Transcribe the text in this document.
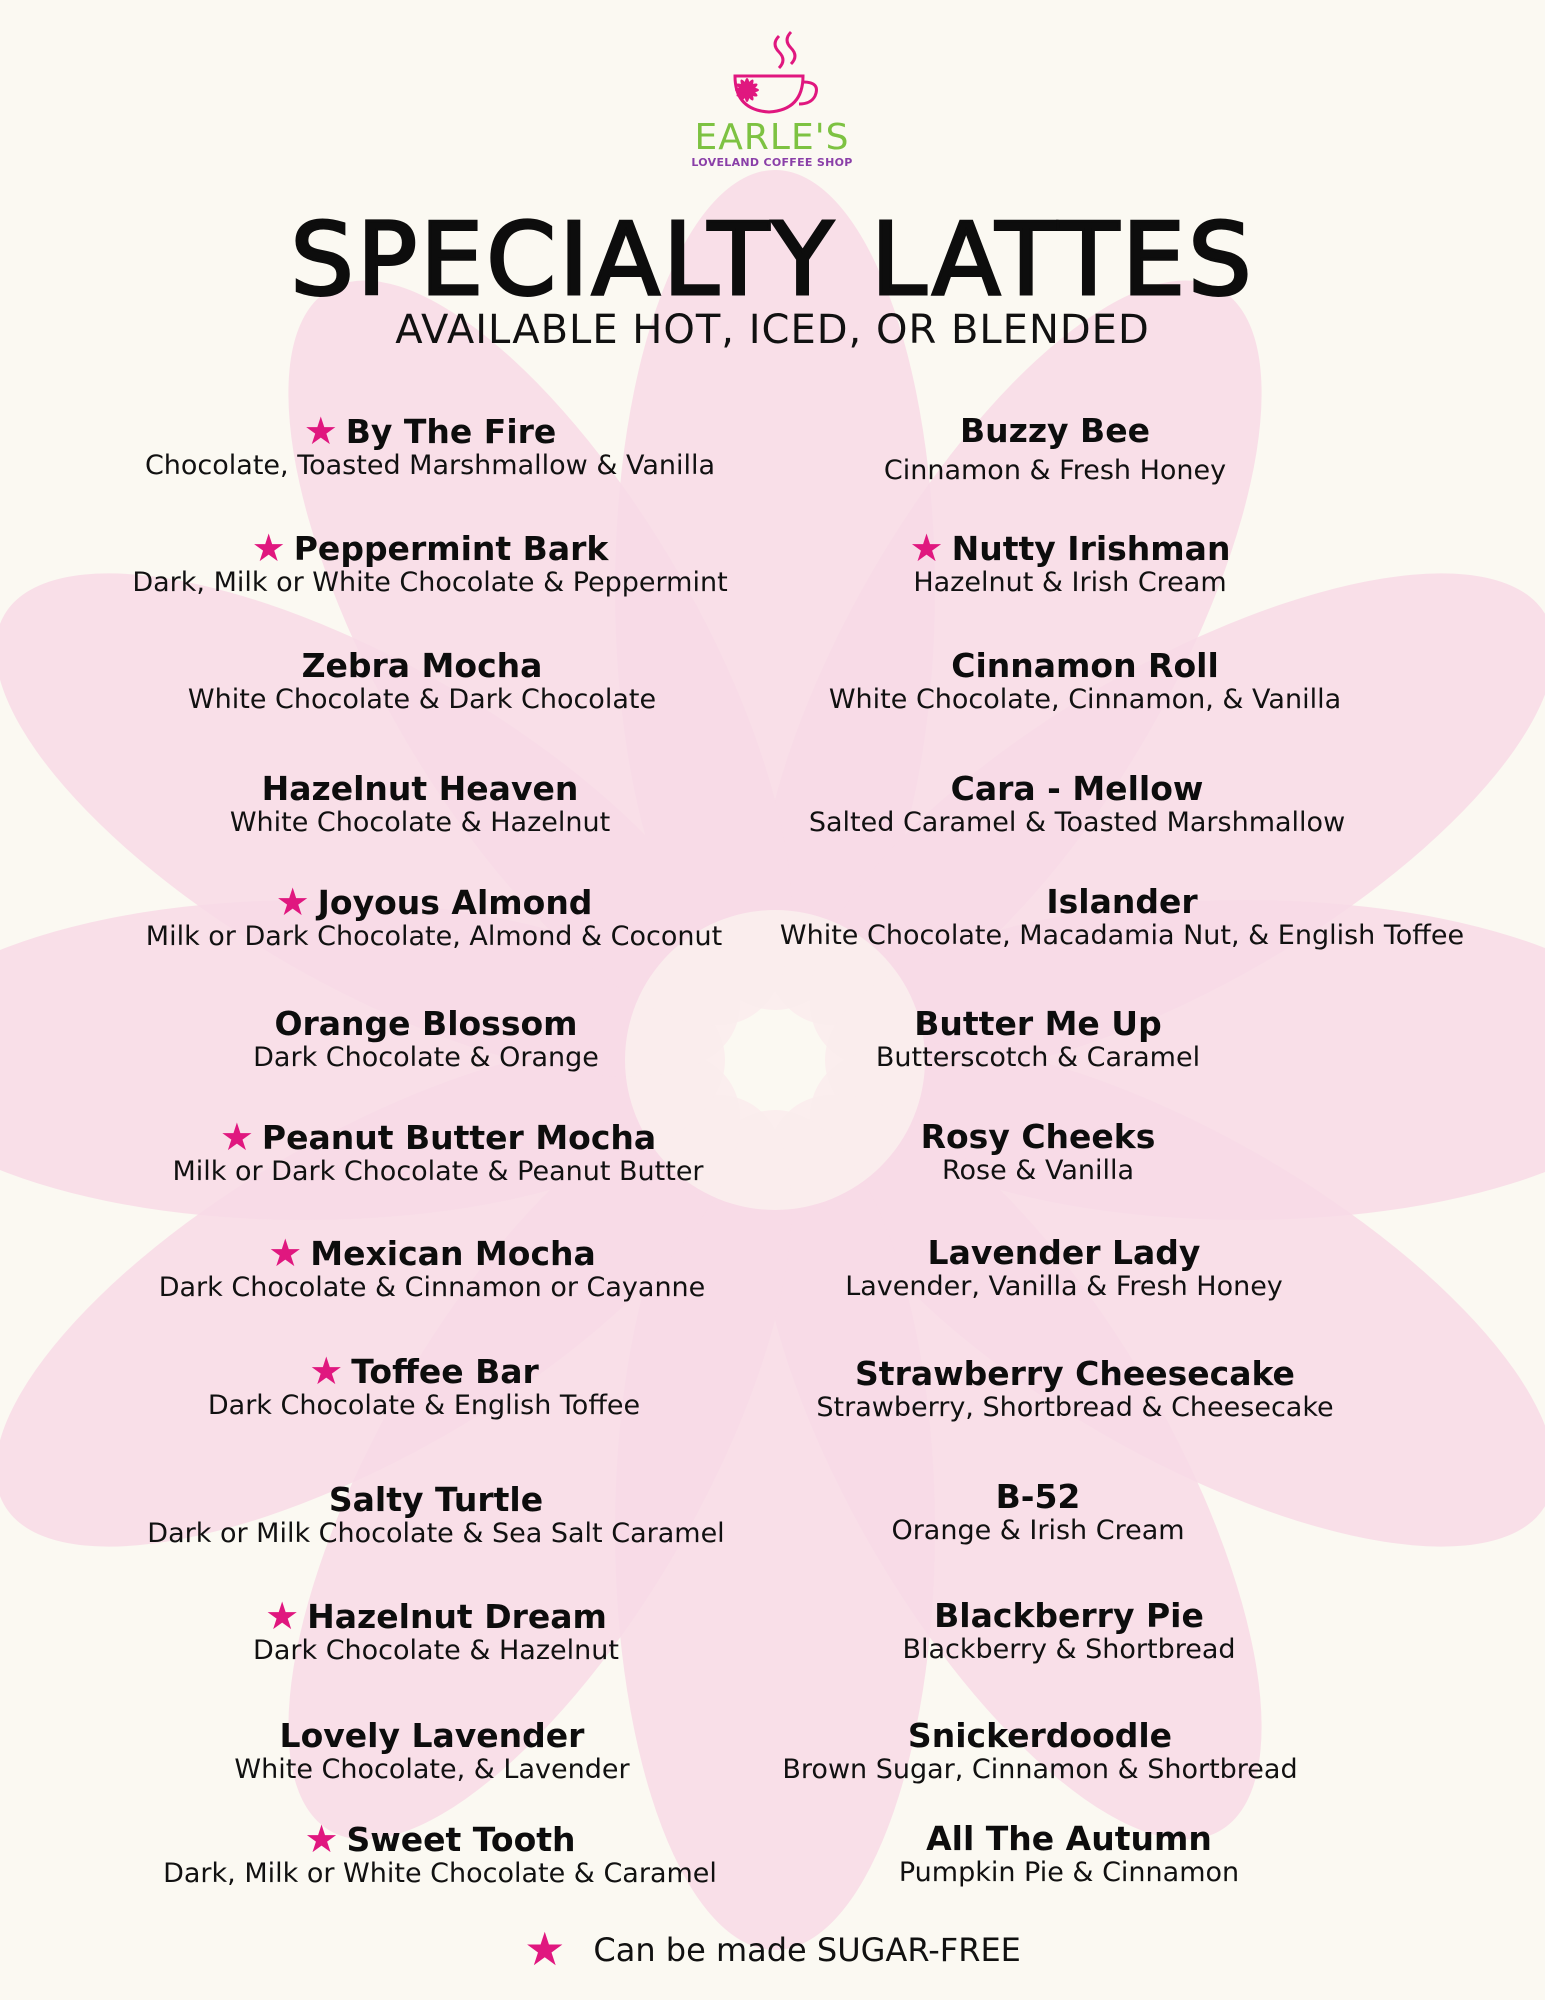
EARLE'S
LOVELAND COFFEE SHOP
SPECIALTY LATTES
AVAILABLE HOT, ICED, OR BLENDED
★ By The Fire
Chocolate, Toasted Marshmallow & Vanilla
★ Peppermint Bark
Dark, Milk or White Chocolate & Peppermint
Zebra Mocha
White Chocolate & Dark Chocolate
Hazelnut Heaven
White Chocolate & Hazelnut
★ Joyous Almond
Milk or Dark Chocolate, Almond & Coconut
Orange Blossom
Dark Chocolate & Orange
★ Peanut Butter Mocha
Milk or Dark Chocolate & Peanut Butter
★ Mexican Mocha
Dark Chocolate & Cinnamon or Cayanne
★ Toffee Bar
Dark Chocolate & English Toffee
Salty Turtle
Dark or Milk Chocolate & Sea Salt Caramel
★ Hazelnut Dream
Dark Chocolate & Hazelnut
Lovely Lavender
White Chocolate, & Lavender
★ Sweet Tooth
Dark, Milk or White Chocolate & Caramel
Buzzy Bee
Cinnamon & Fresh Honey
★ Nutty Irishman
Hazelnut & Irish Cream
Cinnamon Roll
White Chocolate, Cinnamon, & Vanilla
Cara - Mellow
Salted Caramel & Toasted Marshmallow
Islander
White Chocolate, Macadamia Nut, & English Toffee
Butter Me Up
Butterscotch & Caramel
Rosy Cheeks
Rose & Vanilla
Lavender Lady
Lavender, Vanilla & Fresh Honey
Strawberry Cheesecake
Strawberry, Shortbread & Cheesecake
B-52
Orange & Irish Cream
Blackberry Pie
Blackberry & Shortbread
Snickerdoodle
Brown Sugar, Cinnamon & Shortbread
All The Autumn
Pumpkin Pie & Cinnamon
★ Can be made SUGAR-FREE
